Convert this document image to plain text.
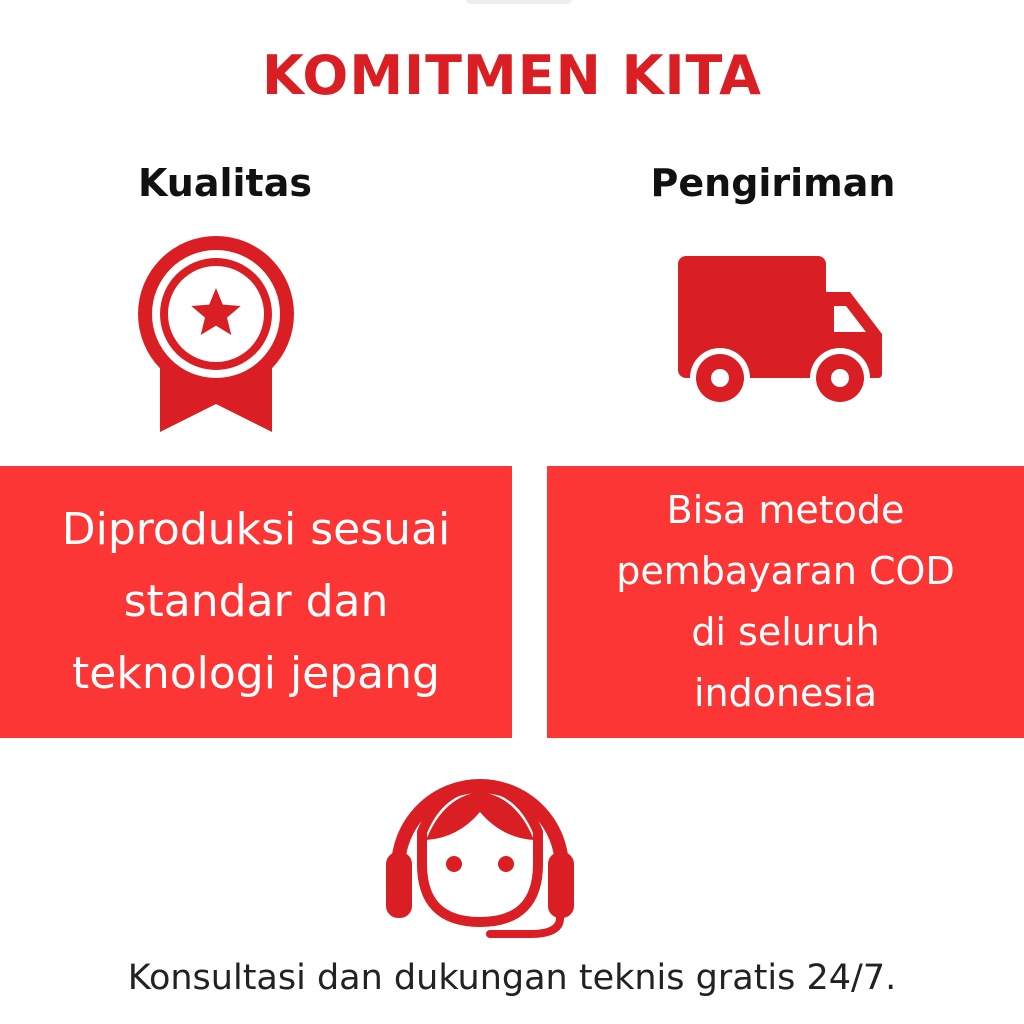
KOMITMEN KITA
Kualitas	Pengiriman
Diproduksi sesuai
standar dan
teknologi jepang
Bisa metode
pembayaran COD
di seluruh
indonesia
Konsultasi dan dukungan teknis gratis 24/7.
